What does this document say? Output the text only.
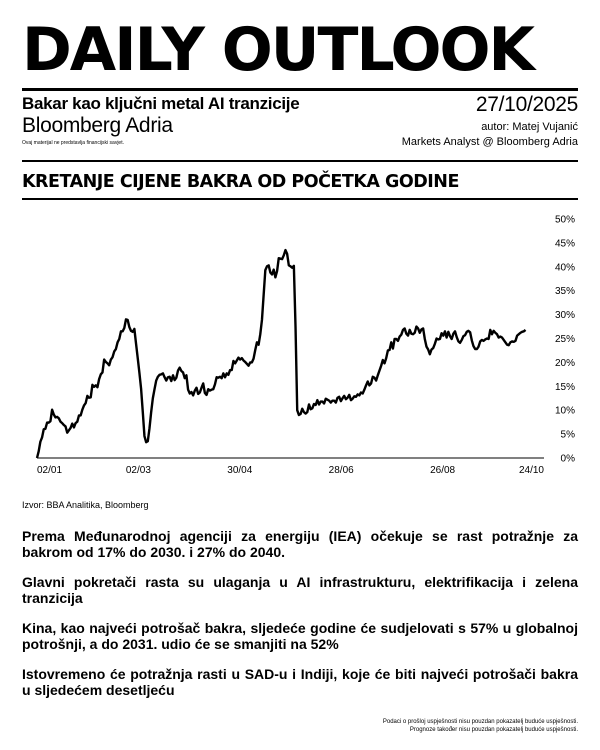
DAILY OUTLOOK
Bakar kao ključni metal AI tranzicije
Bloomberg Adria
Ovaj materijal ne predstavlja financijski savjet.
27/10/2025
autor: Matej Vujanić
Markets Analyst @ Bloomberg Adria
KRETANJE CIJENE BAKRA OD POČETKA GODINE
0%
5%
10%
15%
20%
25%
30%
35%
40%
45%
50%
02/01	02/03	30/04	28/06	26/08	24/10
Izvor: BBA Analitika, Bloomberg

Prema Međunarodnoj agenciji za energiju (IEA) očekuje se rast potražnje za bakrom od 17% do 2030. i 27% do 2040.

Glavni pokretači rasta su ulaganja u AI infrastrukturu, elektrifikacija i zelena tranzicija

Kina, kao najveći potrošač bakra, sljedeće godine će sudjelovati s 57% u globalnoj potrošnji, a do 2031. udio će se smanjiti na 52%

Istovremeno će potražnja rasti u SAD-u i Indiji, koje će biti najveći potrošači bakra u sljedećem desetljeću

Podaci o prošloj uspješnosti nisu pouzdan pokazatelj buduće uspješnosti.
Prognoze također nisu pouzdan pokazatelj buduće uspješnosti.
